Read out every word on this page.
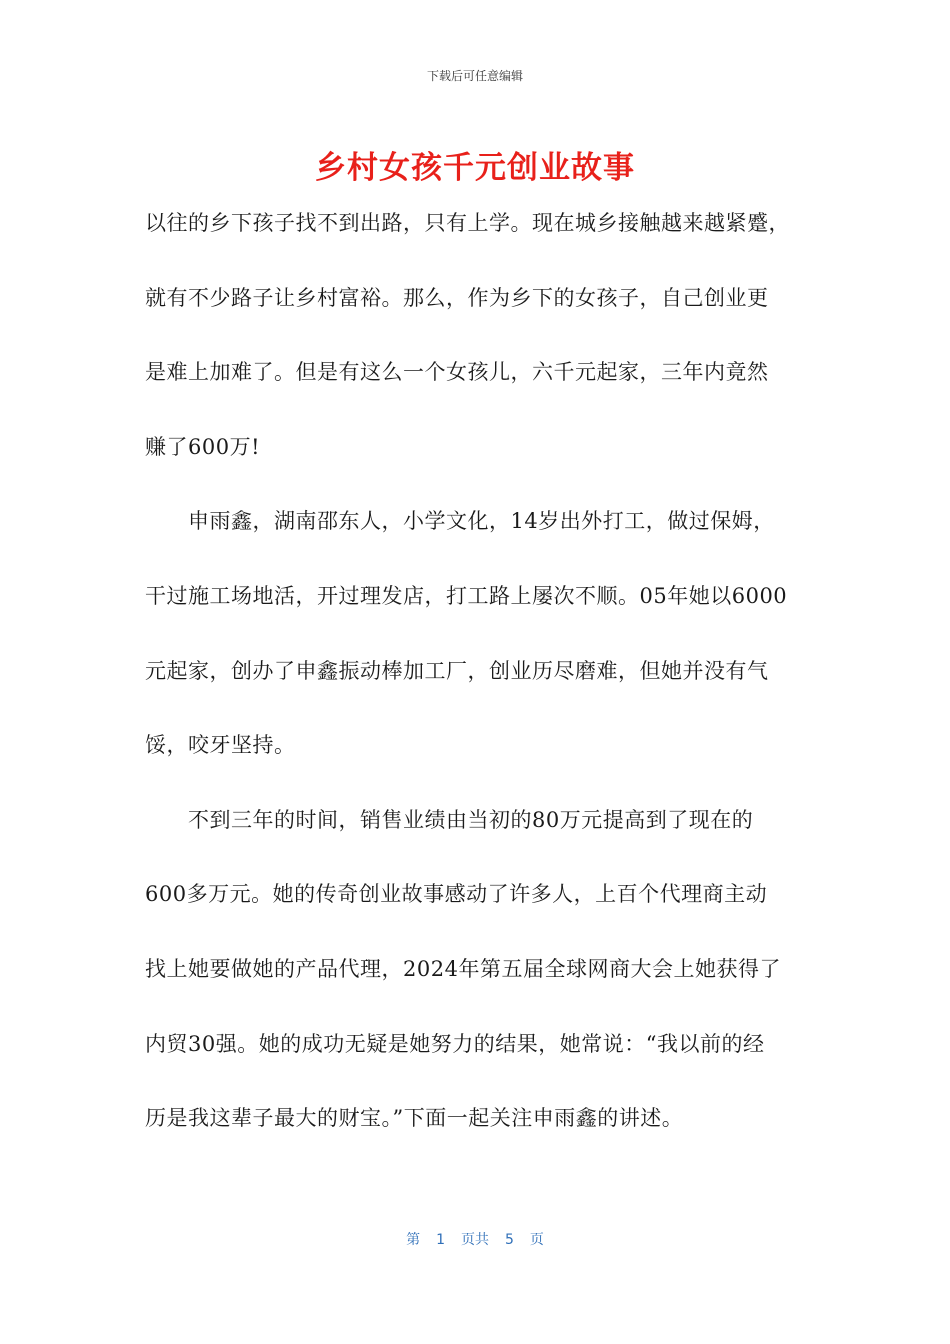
下载后可任意编辑
乡村女孩千元创业故事
以往的乡下孩子找不到出路，只有上学。现在城乡接触越来越紧蹙，
就有不少路子让乡村富裕。那么，作为乡下的女孩子，自己创业更
是难上加难了。但是有这么一个女孩儿，六千元起家，三年内竟然
赚了600万!
　　申雨鑫，湖南邵东人，小学文化，14岁出外打工，做过保姆，
干过施工场地活，开过理发店，打工路上屡次不顺。05年她以6000
元起家，创办了申鑫振动棒加工厂，创业历尽磨难，但她并没有气
馁，咬牙坚持。
　　不到三年的时间，销售业绩由当初的80万元提高到了现在的
600多万元。她的传奇创业故事感动了许多人，上百个代理商主动
找上她要做她的产品代理，2024年第五届全球网商大会上她获得了
内贸30强。她的成功无疑是她努力的结果，她常说：“我以前的经
历是我这辈子最大的财宝。”下面一起关注申雨鑫的讲述。
第 1 页共 5 页
